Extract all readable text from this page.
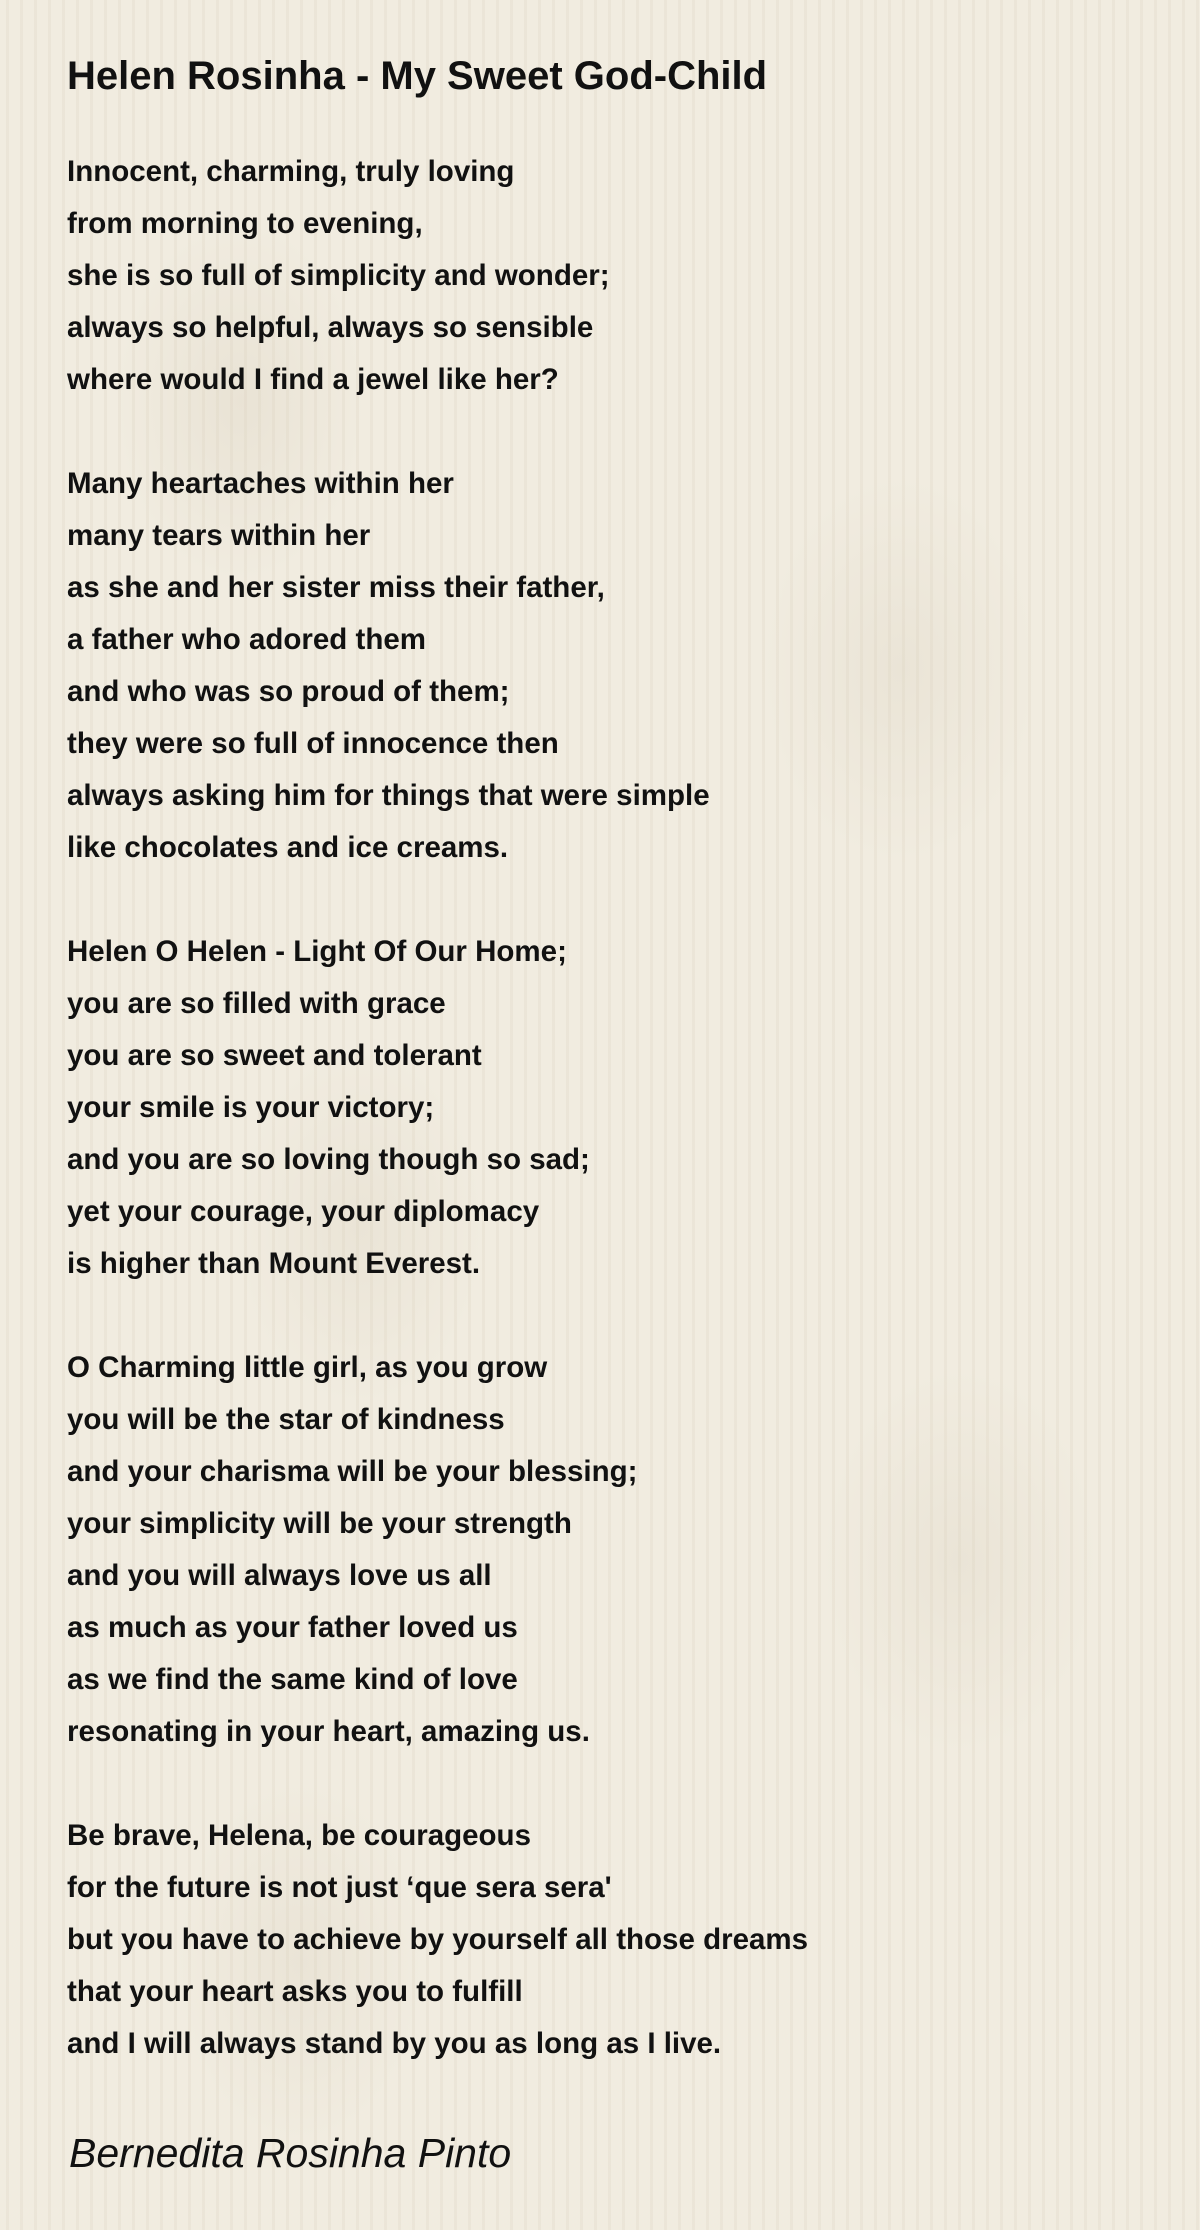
Helen Rosinha - My Sweet God-Child
Innocent, charming, truly loving
from morning to evening,
she is so full of simplicity and wonder;
always so helpful, always so sensible
where would I find a jewel like her?
Many heartaches within her
many tears within her
as she and her sister miss their father,
a father who adored them
and who was so proud of them;
they were so full of innocence then
always asking him for things that were simple
like chocolates and ice creams.
Helen O Helen - Light Of Our Home;
you are so filled with grace
you are so sweet and tolerant
your smile is your victory;
and you are so loving though so sad;
yet your courage, your diplomacy
is higher than Mount Everest.
O Charming little girl, as you grow
you will be the star of kindness
and your charisma will be your blessing;
your simplicity will be your strength
and you will always love us all
as much as your father loved us
as we find the same kind of love
resonating in your heart, amazing us.
Be brave, Helena, be courageous
for the future is not just ‘que sera sera'
but you have to achieve by yourself all those dreams
that your heart asks you to fulfill
and I will always stand by you as long as I live.
Bernedita Rosinha Pinto
